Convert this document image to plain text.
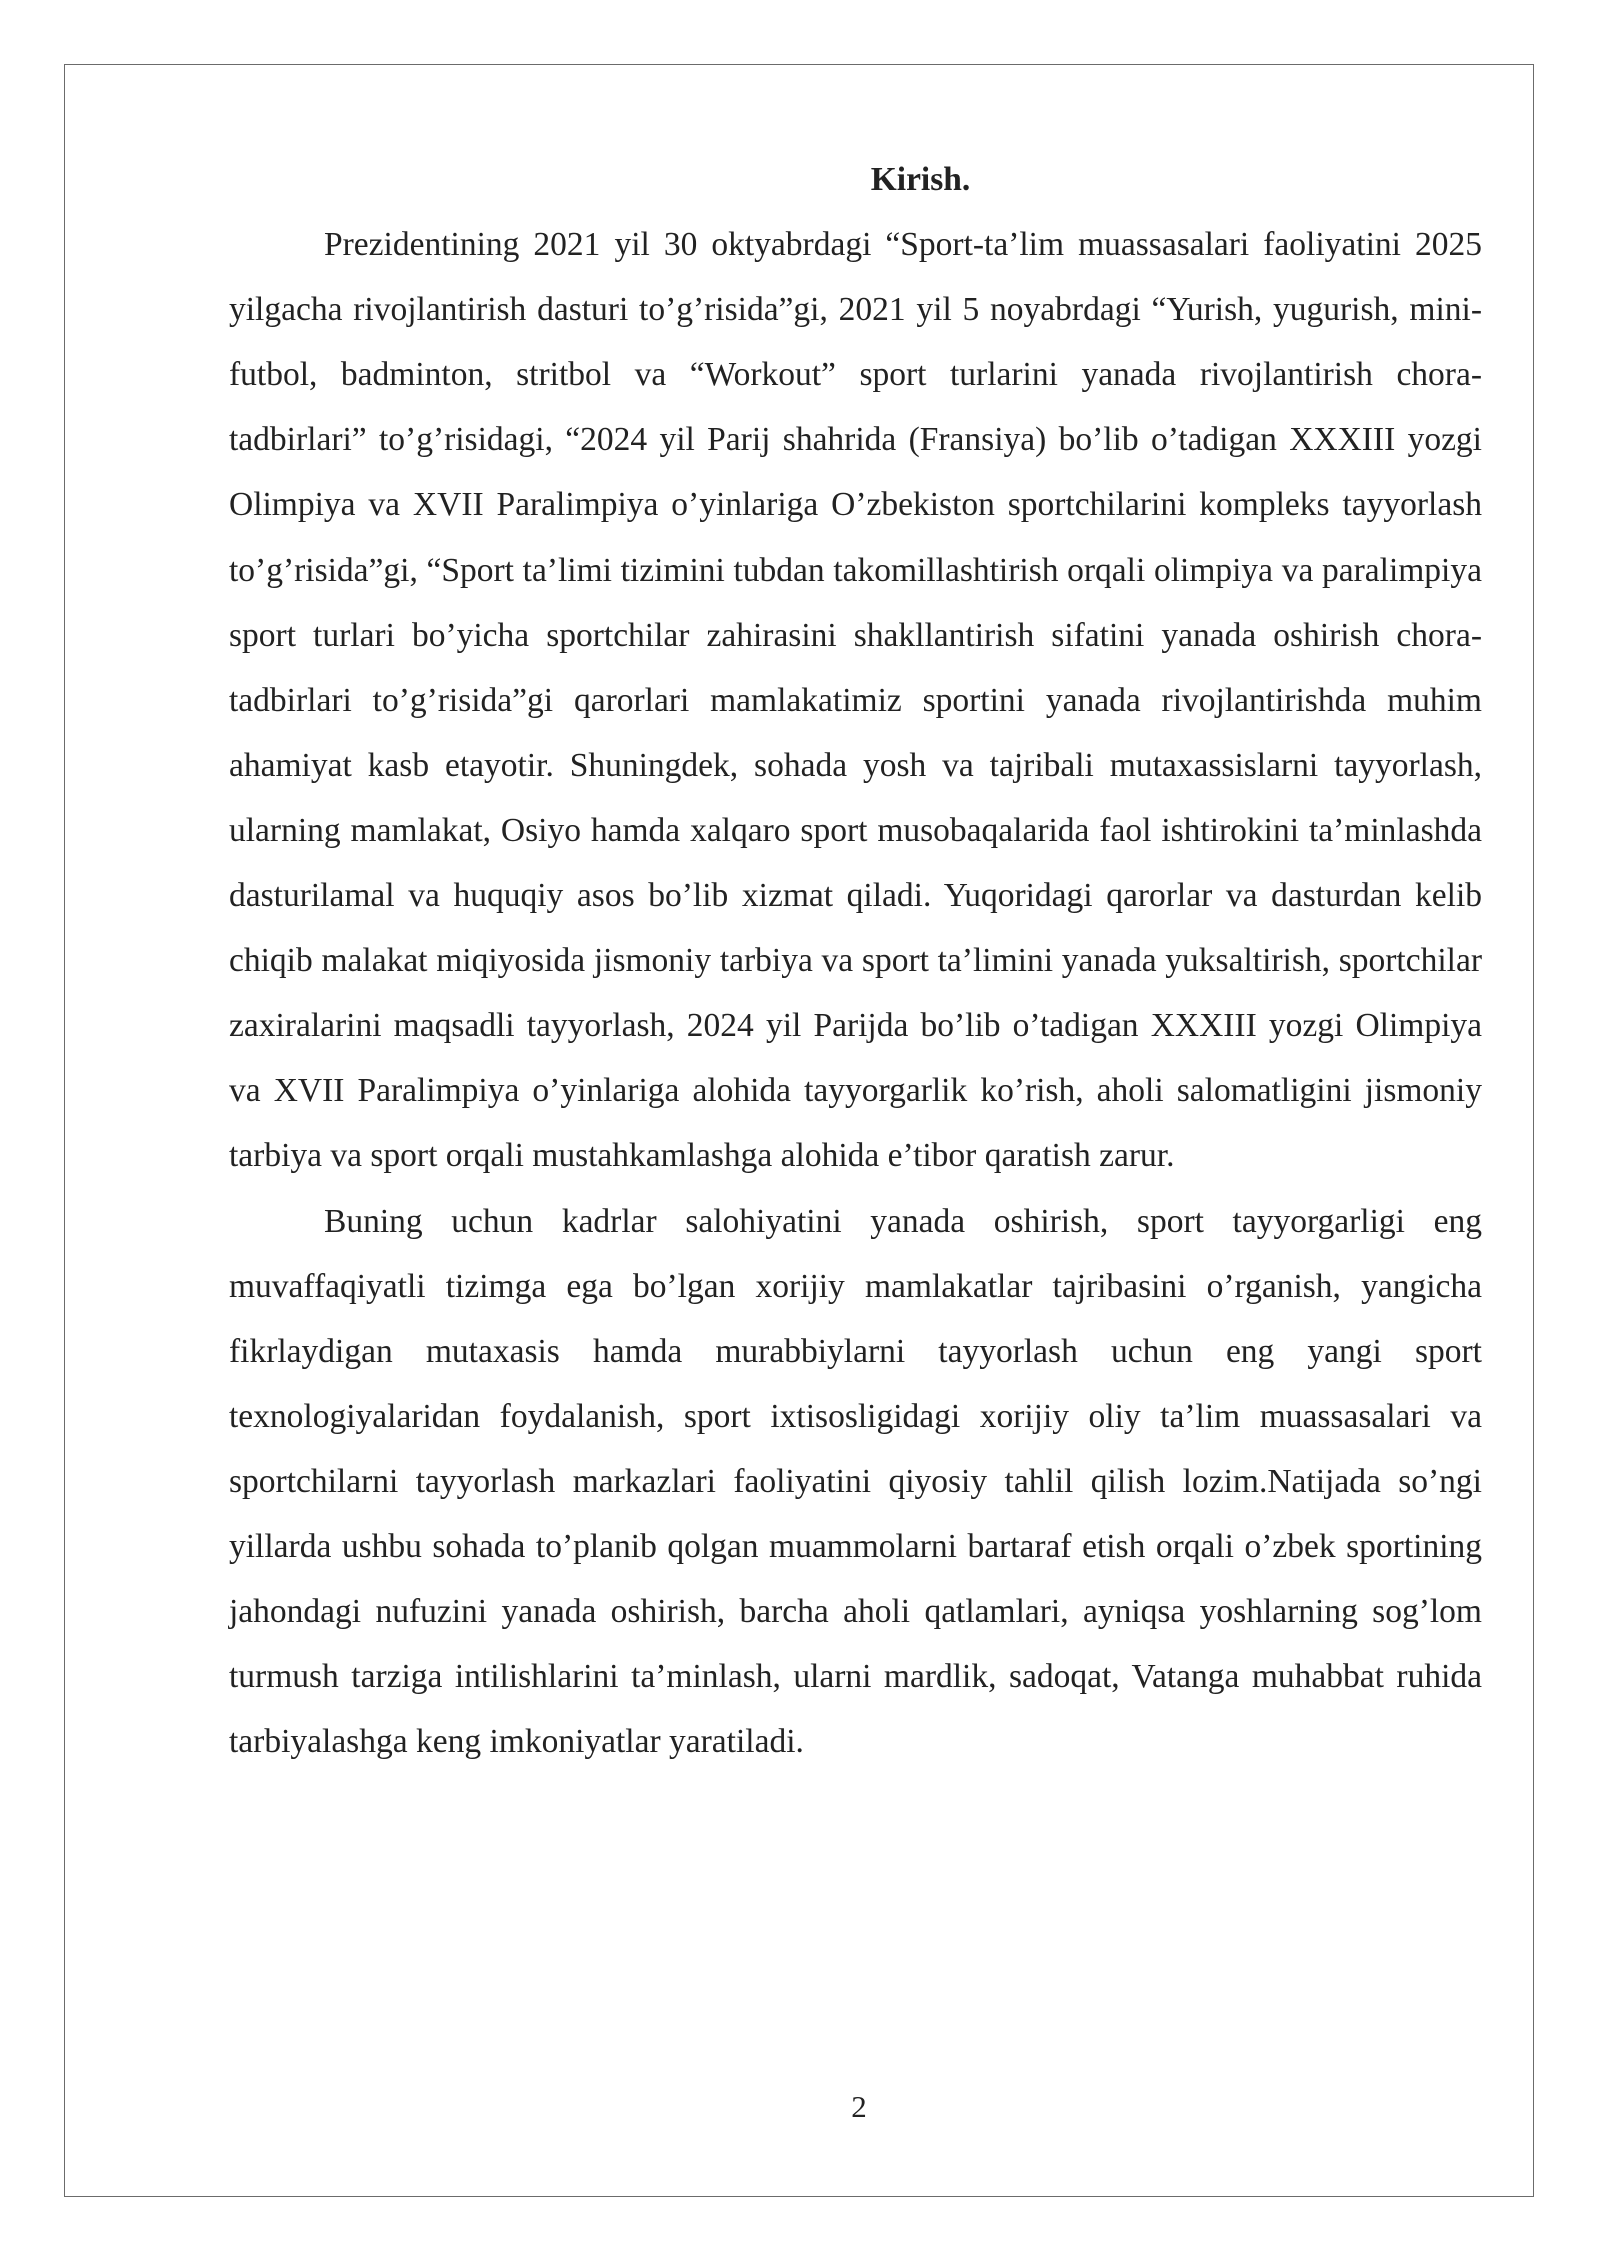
Kirish.

Prezidentining 2021 yil 30 oktyabrdagi “Sport-ta’lim muassasalari faoliyatini 2025 yilgacha rivojlantirish dasturi to’g’risida”gi, 2021 yil 5 noyabrdagi “Yurish, yugurish, mini-futbol, badminton, stritbol va “Workout” sport turlarini yanada rivojlantirish chora-tadbirlari” to’g’risidagi, “2024 yil Parij shahrida (Fransiya) bo’lib o’tadigan XXXIII yozgi Olimpiya va XVII Paralimpiya o’yinlariga O’zbekiston sportchilarini kompleks tayyorlash to’g’risida”gi, “Sport ta’limi tizimini tubdan takomillashtirish orqali olimpiya va paralimpiya sport turlari bo’yicha sportchilar zahirasini shakllantirish sifatini yanada oshirish chora-tadbirlari to’g’risida”gi qarorlari mamlakatimiz sportini yanada rivojlantirishda muhim ahamiyat kasb etayotir. Shuningdek, sohada yosh va tajribali mutaxassislarni tayyorlash, ularning mamlakat, Osiyo hamda xalqaro sport musobaqalarida faol ishtirokini ta’minlashda dasturilamal va huquqiy asos bo’lib xizmat qiladi. Yuqoridagi qarorlar va dasturdan kelib chiqib malakat miqiyosida jismoniy tarbiya va sport ta’limini yanada yuksaltirish, sportchilar zaxiralarini maqsadli tayyorlash, 2024 yil Parijda bo’lib o’tadigan XXXIII yozgi Olimpiya va XVII Paralimpiya o’yinlariga alohida tayyorgarlik ko’rish, aholi salomatligini jismoniy tarbiya va sport orqali mustahkamlashga alohida e’tibor qaratish zarur.

Buning uchun kadrlar salohiyatini yanada oshirish, sport tayyorgarligi eng muvaffaqiyatli tizimga ega bo’lgan xorijiy mamlakatlar tajribasini o’rganish, yangicha fikrlaydigan mutaxasis hamda murabbiylarni tayyorlash uchun eng yangi sport texnologiyalaridan foydalanish, sport ixtisosligidagi xorijiy oliy ta’lim muassasalari va sportchilarni tayyorlash markazlari faoliyatini qiyosiy tahlil qilish lozim.Natijada so’ngi yillarda ushbu sohada to’planib qolgan muammolarni bartaraf etish orqali o’zbek sportining jahondagi nufuzini yanada oshirish, barcha aholi qatlamlari, ayniqsa yoshlarning sog’lom turmush tarziga intilishlarini ta’minlash, ularni mardlik, sadoqat, Vatanga muhabbat ruhida tarbiyalashga keng imkoniyatlar yaratiladi.

2
